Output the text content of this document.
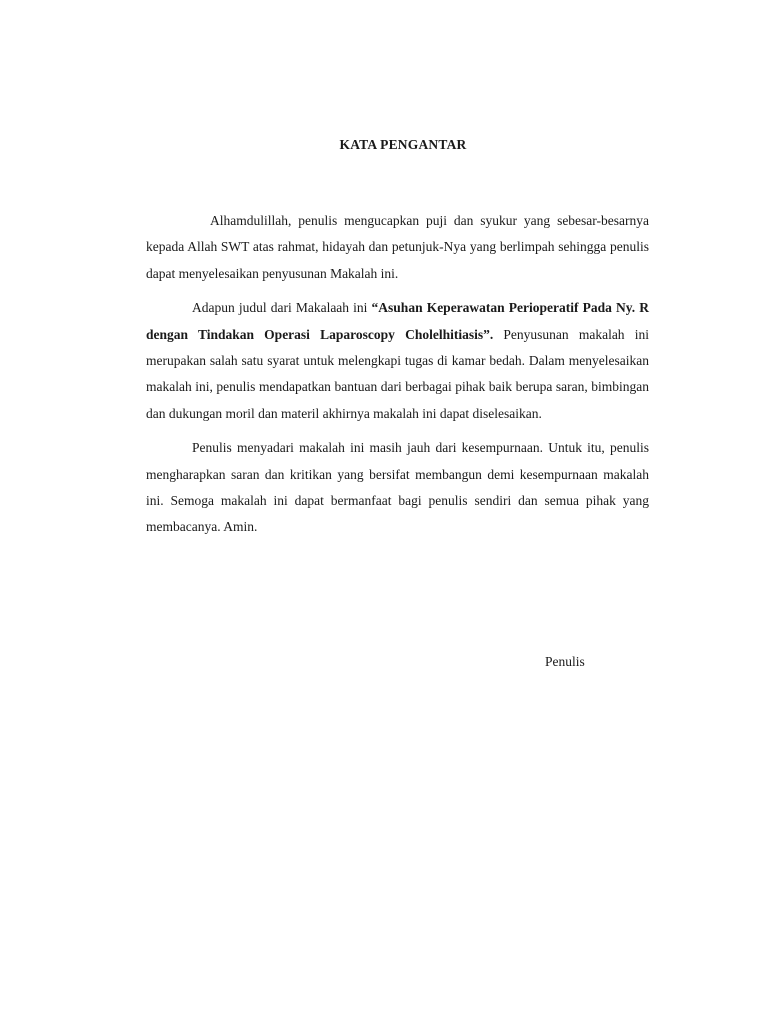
KATA PENGANTAR

Alhamdulillah, penulis mengucapkan puji dan syukur yang sebesar-besarnya kepada Allah SWT atas rahmat, hidayah dan petunjuk-Nya yang berlimpah sehingga penulis dapat menyelesaikan penyusunan Makalah ini.

Adapun judul dari Makalaah ini “Asuhan Keperawatan Perioperatif Pada Ny. R dengan Tindakan Operasi Laparoscopy Cholelhitiasis”. Penyusunan makalah ini merupakan salah satu syarat untuk melengkapi tugas di kamar bedah. Dalam menyelesaikan makalah ini, penulis mendapatkan bantuan dari berbagai pihak baik berupa saran, bimbingan dan dukungan moril dan materil akhirnya makalah ini dapat diselesaikan.

Penulis menyadari makalah ini masih jauh dari kesempurnaan. Untuk itu, penulis mengharapkan saran dan kritikan yang bersifat membangun demi kesempurnaan makalah ini. Semoga makalah ini dapat bermanfaat bagi penulis sendiri dan semua pihak yang membacanya. Amin.

Penulis
